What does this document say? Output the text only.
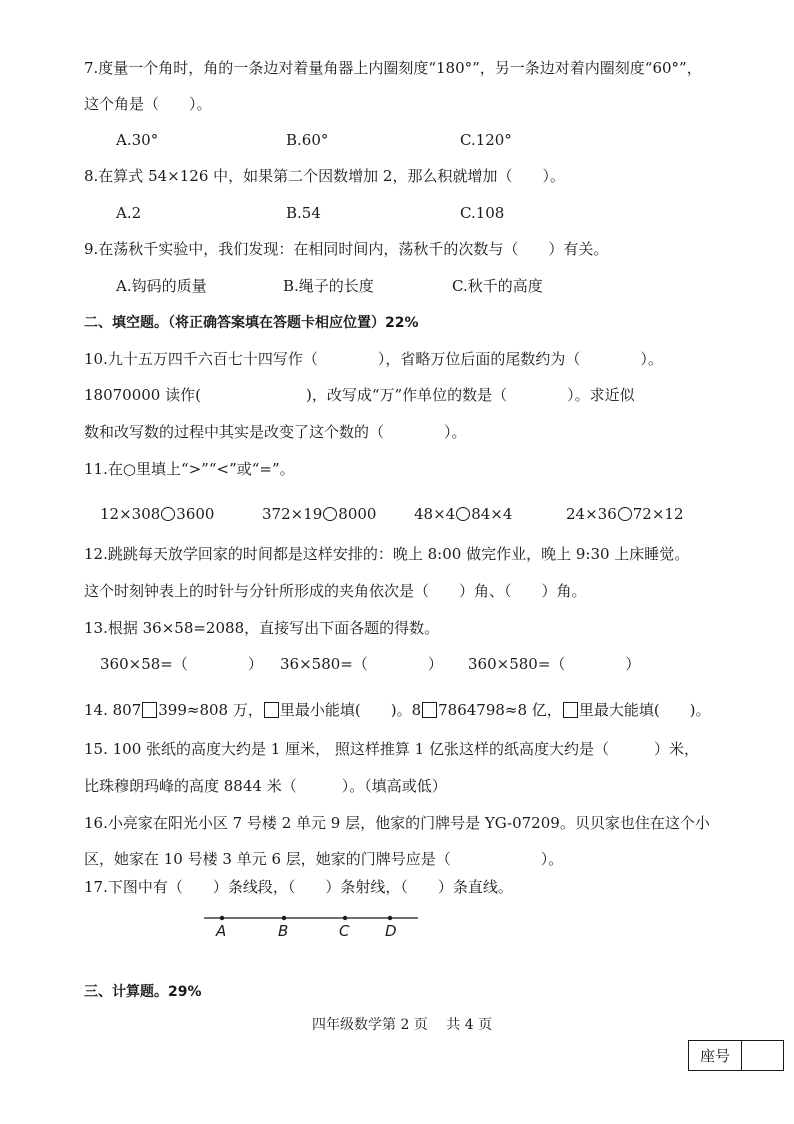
7.度量一个角时，角的一条边对着量角器上内圈刻度“180°”，另一条边对着内圈刻度“60°”，
这个角是（　　）。
A.30°	B.60°	C.120°
8.在算式 54×126 中，如果第二个因数增加 2，那么积就增加（　　）。
A.2	B.54	C.108
9.在荡秋千实验中，我们发现：在相同时间内，荡秋千的次数与（　　）有关。
A.钩码的质量	B.绳子的长度	C.秋千的高度
二、填空题。（将正确答案填在答题卡相应位置）22%
10.九十五万四千六百七十四写作（　　　　），省略万位后面的尾数约为（　　　　）。
18070000 读作(　　　　　　　)，改写成“万”作单位的数是（　　　　）。求近似
数和改写数的过程中其实是改变了这个数的（　　　　）。
11.在○里填上“>”“<”或“=”。
12×308 3600	372×19 8000	48×4 84×4	24×36 72×12
12.跳跳每天放学回家的时间都是这样安排的：晚上 8:00 做完作业，晚上 9:30 上床睡觉。
这个时刻钟表上的时针与分针所形成的夹角依次是（　　）角、（　　）角。
13.根据 36×58=2088，直接写出下面各题的得数。
360×58=（　　　　） 36×580=（　　　　） 360×580=（　　　　）
14. 807 399≈808 万， 里最小能填(　　)。8 7864798≈8 亿， 里最大能填(　　)。
15. 100 张纸的高度大约是 1 厘米， 照这样推算 1 亿张这样的纸高度大约是（　　　）米，
比珠穆朗玛峰的高度 8844 米（　　　）。（填高或低）
16.小亮家在阳光小区 7 号楼 2 单元 9 层，他家的门牌号是 YG-07209。贝贝家也住在这个小
区，她家在 10 号楼 3 单元 6 层，她家的门牌号应是（　　　　　　）。
17.下图中有（　　）条线段，（　　）条射线，（　　）条直线。
A	B	C D
三、计算题。29%
四年级数学第 2 页　 共 4 页
座号
